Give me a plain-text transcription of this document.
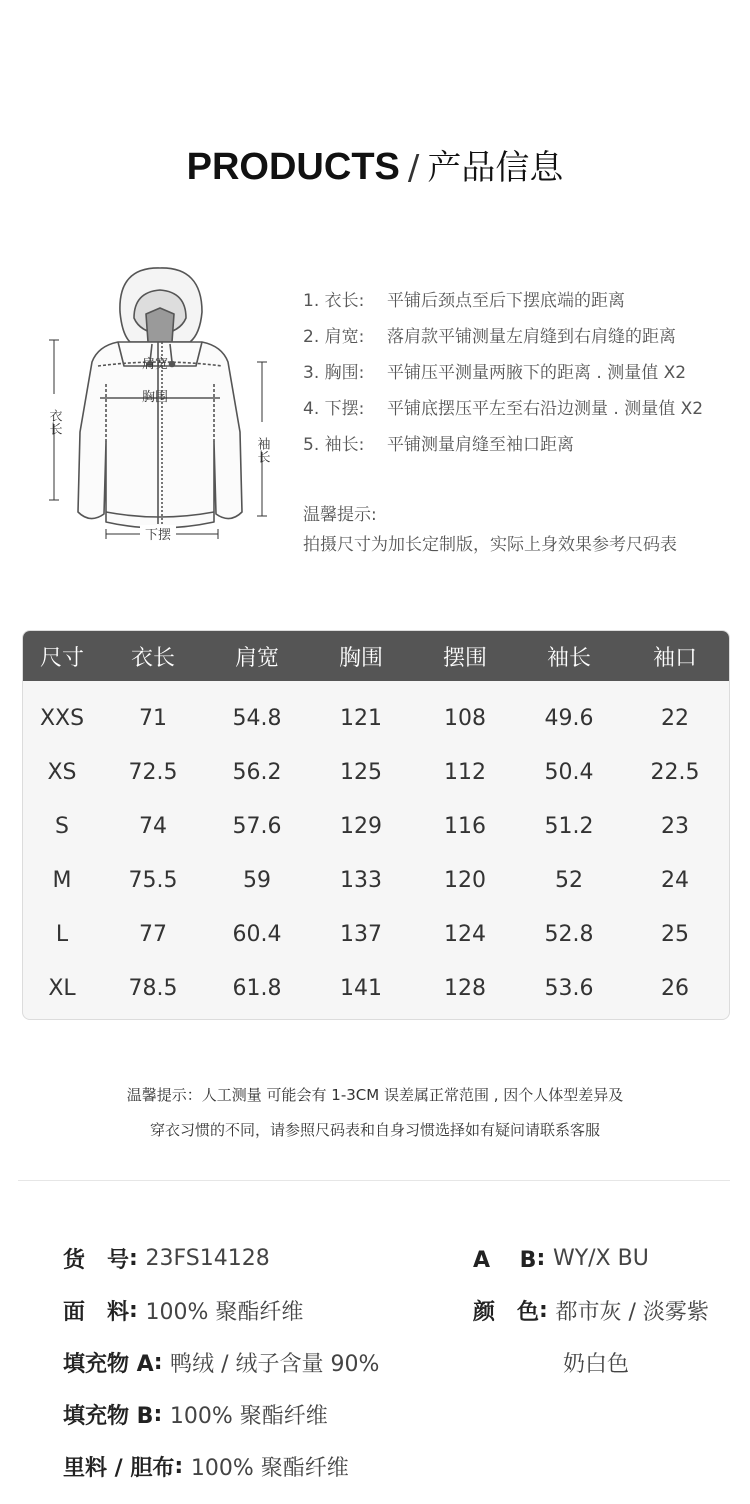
PRODUCTS / 产品信息
肩宽
胸围
衣长
袖长
下摆
1. 衣长:	平铺后颈点至后下摆底端的距离
2. 肩宽:	落肩款平铺测量左肩缝到右肩缝的距离
3. 胸围:	平铺压平测量两腋下的距离 . 测量值 X2
4. 下摆:	平铺底摆压平左至右沿边测量 . 测量值 X2
5. 袖长:	平铺测量肩缝至袖口距离
温馨提示:
拍摄尺寸为加长定制版，实际上身效果参考尺码表
尺寸	衣长	肩宽	胸围	摆围	袖长	袖口
XXS	71	54.8	121	108	49.6	22
XS	72.5	56.2	125	112	50.4	22.5
S	74	57.6	129	116	51.2	23
M	75.5	59	133	120	52	24
L	77	60.4	137	124	52.8	25
XL	78.5	61.8	141	128	53.6	26
温馨提示：人工测量 可能会有 1-3CM 误差属正常范围 , 因个人体型差异及
穿衣习惯的不同，请参照尺码表和自身习惯选择如有疑问请联系客服
货　号 : 23FS14128
面　料 : 100% 聚酯纤维
填充物 A : 鸭绒 / 绒子含量 90%
填充物 B : 100% 聚酯纤维
里料 / 胆布 : 100% 聚酯纤维
A　 B : WY/X BU
颜　色 : 都市灰 / 淡雾紫
奶白色
